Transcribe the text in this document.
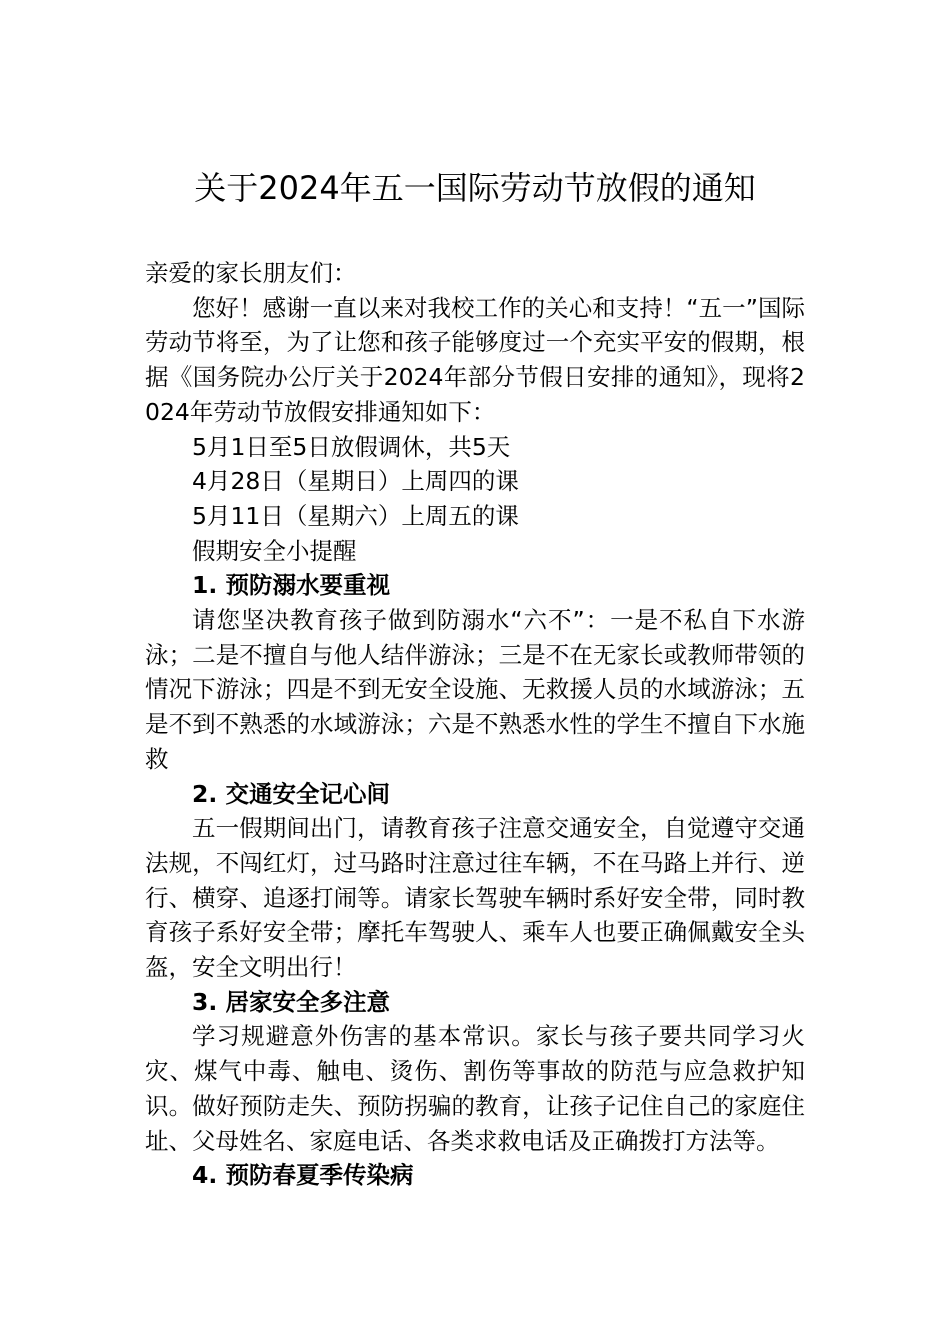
关于2024年五一国际劳动节放假的通知

亲爱的家长朋友们：

您好！感谢一直以来对我校工作的关心和支持！“五一”国际劳动节将至，为了让您和孩子能够度过一个充实平安的假期，根据《国务院办公厅关于2024年部分节假日安排的通知》，现将2024年劳动节放假安排通知如下：

5月1日至5日放假调休，共5天

4月28日（星期日）上周四的课

5月11日（星期六）上周五的课

假期安全小提醒

1. 预防溺水要重视

请您坚决教育孩子做到防溺水“六不”：一是不私自下水游泳；二是不擅自与他人结伴游泳；三是不在无家长或教师带领的情况下游泳；四是不到无安全设施、无救援人员的水域游泳；五是不到不熟悉的水域游泳；六是不熟悉水性的学生不擅自下水施救

2. 交通安全记心间

五一假期间出门，请教育孩子注意交通安全，自觉遵守交通法规，不闯红灯，过马路时注意过往车辆，不在马路上并行、逆行、横穿、追逐打闹等。请家长驾驶车辆时系好安全带，同时教育孩子系好安全带；摩托车驾驶人、乘车人也要正确佩戴安全头盔，安全文明出行！

3. 居家安全多注意

学习规避意外伤害的基本常识。家长与孩子要共同学习火灾、煤气中毒、触电、烫伤、割伤等事故的防范与应急救护知识。做好预防走失、预防拐骗的教育，让孩子记住自己的家庭住址、父母姓名、家庭电话、各类求救电话及正确拨打方法等。

4. 预防春夏季传染病
